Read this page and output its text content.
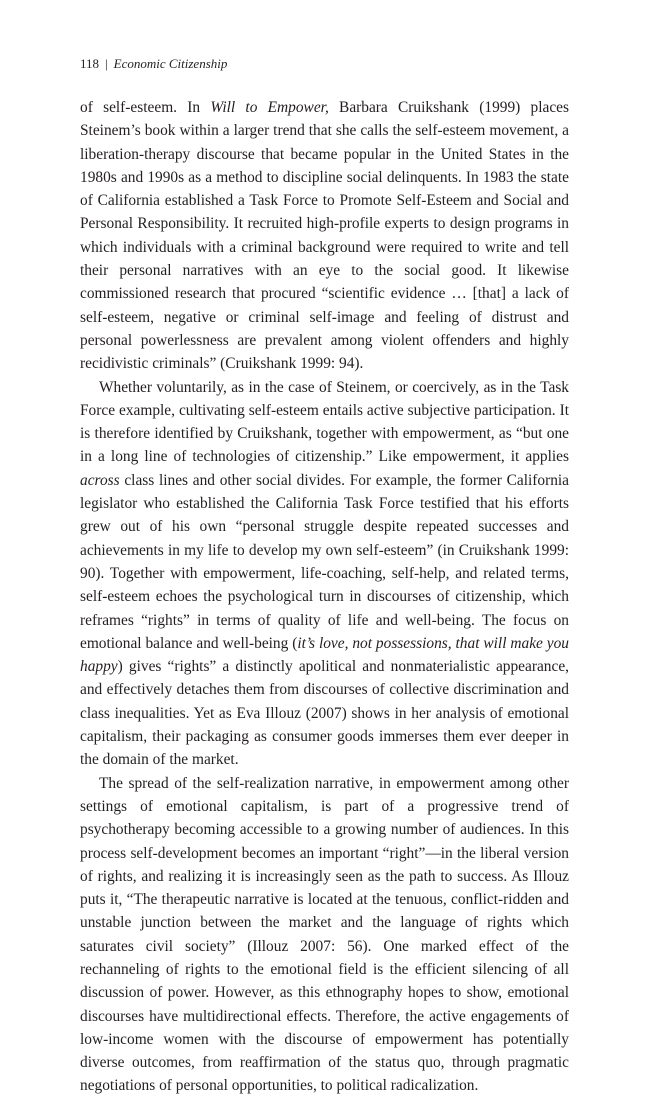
118 | Economic Citizenship

of self-esteem. In Will to Empower, Barbara Cruikshank (1999) places Steinem’s book within a larger trend that she calls the self-esteem movement, a liberation-therapy discourse that became popular in the United States in the 1980s and 1990s as a method to discipline social delinquents. In 1983 the state of California established a Task Force to Promote Self-Esteem and Social and Personal Responsibility. It recruited high-profile experts to design programs in which individuals with a criminal background were required to write and tell their personal narratives with an eye to the social good. It likewise commissioned research that procured “scientific evidence … [that] a lack of self-esteem, negative or criminal self-image and feeling of distrust and personal powerlessness are prevalent among violent offenders and highly recidivistic criminals” (Cruikshank 1999: 94).

Whether voluntarily, as in the case of Steinem, or coercively, as in the Task Force example, cultivating self-esteem entails active subjective participation. It is therefore identified by Cruikshank, together with empowerment, as “but one in a long line of technologies of citizenship.” Like empowerment, it applies across class lines and other social divides. For example, the former California legislator who established the California Task Force testified that his efforts grew out of his own “personal struggle despite repeated successes and achievements in my life to develop my own self-esteem” (in Cruikshank 1999: 90). Together with empowerment, life-coaching, self-help, and related terms, self-esteem echoes the psychological turn in discourses of citizenship, which reframes “rights” in terms of quality of life and well-being. The focus on emotional balance and well-being (it’s love, not possessions, that will make you happy) gives “rights” a distinctly apolitical and nonmaterialistic appearance, and effectively detaches them from discourses of collective discrimination and class inequalities. Yet as Eva Illouz (2007) shows in her analysis of emotional capitalism, their packaging as consumer goods immerses them ever deeper in the domain of the market.

The spread of the self-realization narrative, in empowerment among other settings of emotional capitalism, is part of a progressive trend of psychotherapy becoming accessible to a growing number of audiences. In this process self-development becomes an important “right”—in the liberal version of rights, and realizing it is increasingly seen as the path to success. As Illouz puts it, “The therapeutic narrative is located at the tenuous, conflict-ridden and unstable junction between the market and the language of rights which saturates civil society” (Illouz 2007: 56). One marked effect of the rechanneling of rights to the emotional field is the efficient silencing of all discussion of power. However, as this ethnography hopes to show, emotional discourses have multidirectional effects. Therefore, the active engagements of low-income women with the discourse of empowerment has potentially diverse outcomes, from reaffirmation of the status quo, through pragmatic negotiations of personal opportunities, to political radicalization.
